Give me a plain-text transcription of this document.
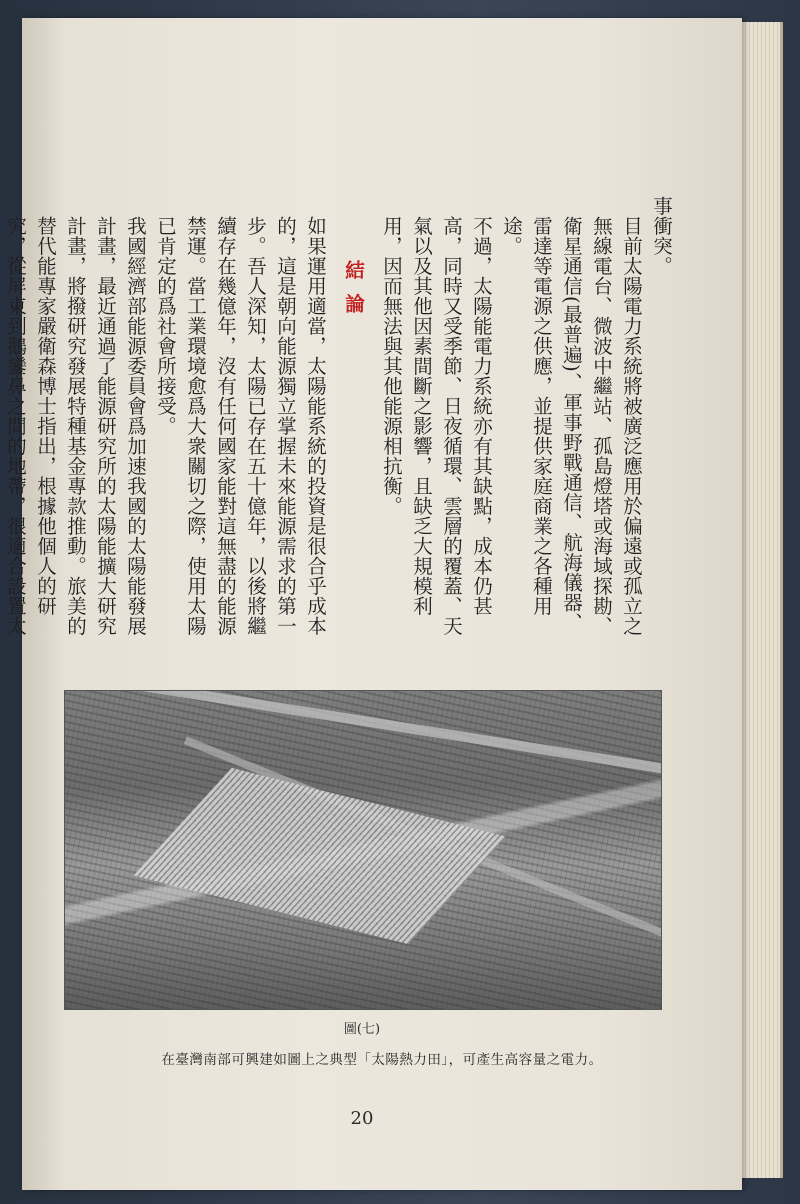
事衝突。

目前太陽電力系統將被廣泛應用於偏遠或孤立之無線電台、微波中繼站、孤島燈塔或海域探勘、衛星通信(最普遍)、軍事野戰通信、航海儀器、雷達等電源之供應，並提供家庭商業之各種用途。

不過，太陽能電力系統亦有其缺點，成本仍甚高，同時又受季節、日夜循環、雲層的覆蓋、天氣以及其他因素間斷之影響，且缺乏大規模利用，因而無法與其他能源相抗衡。

結論

如果運用適當，太陽能系統的投資是很合乎成本的，這是朝向能源獨立掌握未來能源需求的第一步。吾人深知，太陽已存在五十億年，以後將繼續存在幾億年，沒有任何國家能對這無盡的能源禁運。當工業環境愈爲大衆關切之際，使用太陽已肯定的爲社會所接受。

我國經濟部能源委員會爲加速我國的太陽能發展計畫，最近通過了能源研究所的太陽能擴大研究計畫，將撥研究發展特種基金專款推動。旅美的替代能專家嚴衛森博士指出，根據他個人的研究，從屏東到鵝鑾鼻之間的地帶，很適合設置太

圖(七)
在臺灣南部可興建如圖上之典型「太陽熱力田」，可產生高容量之電力。
20
